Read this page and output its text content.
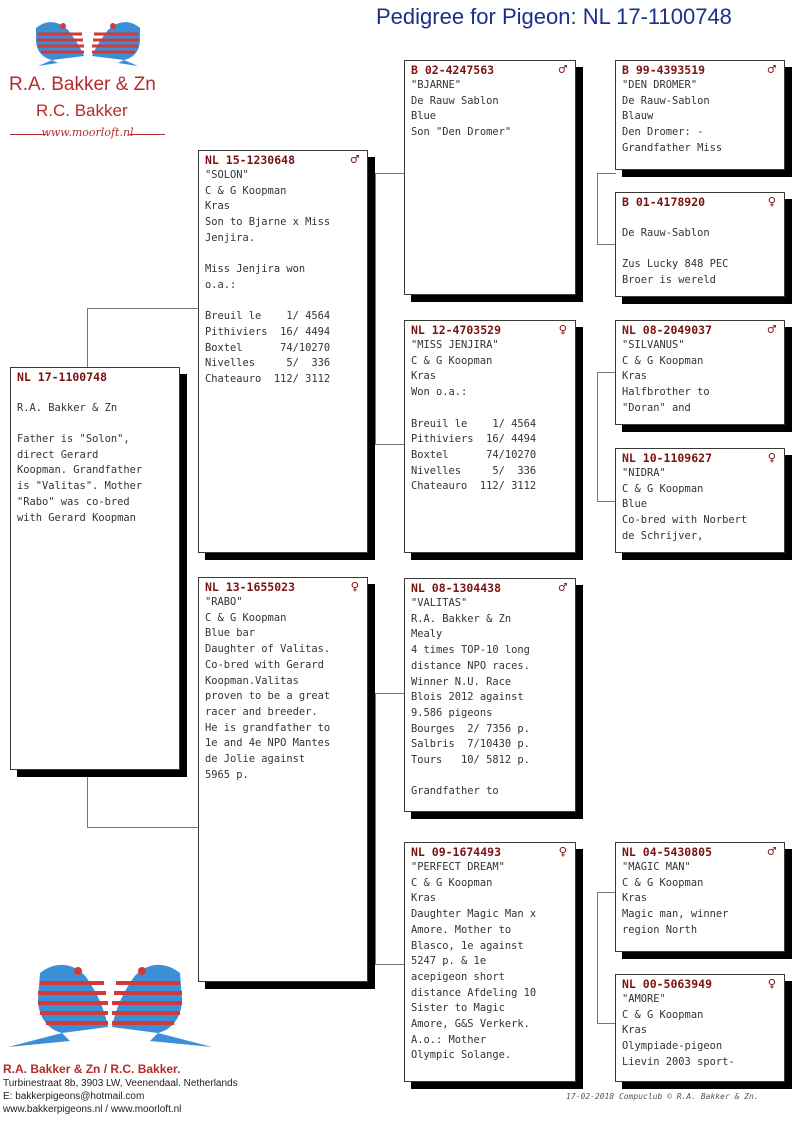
Pedigree for Pigeon: NL 17-1100748
R.A. Bakker & Zn
R.C. Bakker
www.moorloft.nl
NL 17-1100748
R.A. Bakker & Zn
Father is "Solon",
direct Gerard
Koopman. Grandfather
is "Valitas". Mother
"Rabo" was co-bred
with Gerard Koopman
NL 15-1230648	♂
"SOLON"
C & G Koopman
Kras
Son to Bjarne x Miss
Jenjira.
Miss Jenjira won
o.a.:
Breuil le    1/ 4564
Pithiviers  16/ 4494
Boxtel      74/10270
Nivelles     5/  336
Chateauro  112/ 3112
NL 13-1655023	♀
"RABO"
C & G Koopman
Blue bar
Daughter of Valitas.
Co-bred with Gerard
Koopman.Valitas
proven to be a great
racer and breeder.
He is grandfather to
1e and 4e NPO Mantes
de Jolie against
5965 p.
B 02-4247563	♂
"BJARNE"
De Rauw Sablon
Blue
Son "Den Dromer"
NL 12-4703529	♀
"MISS JENJIRA"
C & G Koopman
Kras
Won o.a.:
Breuil le    1/ 4564
Pithiviers  16/ 4494
Boxtel      74/10270
Nivelles     5/  336
Chateauro  112/ 3112
NL 08-1304438	♂
"VALITAS"
R.A. Bakker & Zn
Mealy
4 times TOP-10 long
distance NPO races.
Winner N.U. Race
Blois 2012 against
9.586 pigeons
Bourges  2/ 7356 p.
Salbris  7/10430 p.
Tours   10/ 5812 p.
Grandfather to
NL 09-1674493	♀
"PERFECT DREAM"
C & G Koopman
Kras
Daughter Magic Man x
Amore. Mother to
Blasco, 1e against
5247 p. & 1e
acepigeon short
distance Afdeling 10
Sister to Magic
Amore, G&S Verkerk.
A.o.: Mother
Olympic Solange.
B 99-4393519	♂
"DEN DROMER"
De Rauw-Sablon
Blauw
Den Dromer: -
Grandfather Miss
B 01-4178920	♀
De Rauw-Sablon
Zus Lucky 848 PEC
Broer is wereld
NL 08-2049037	♂
"SILVANUS"
C & G Koopman
Kras
Halfbrother to
"Doran" and
NL 10-1109627	♀
"NIDRA"
C & G Koopman
Blue
Co-bred with Norbert
de Schrijver,
NL 04-5430805	♂
"MAGIC MAN"
C & G Koopman
Kras
Magic man, winner
region North
NL 00-5063949	♀
"AMORE"
C & G Koopman
Kras
Olympiade-pigeon
Lievin 2003 sport-
R.A. Bakker & Zn / R.C. Bakker.
Turbinestraat 8b, 3903 LW, Veenendaal. Netherlands
E: bakkerpigeons@hotmail.com
www.bakkerpigeons.nl / www.moorloft.nl
17-02-2018 Compuclub © R.A. Bakker & Zn.
